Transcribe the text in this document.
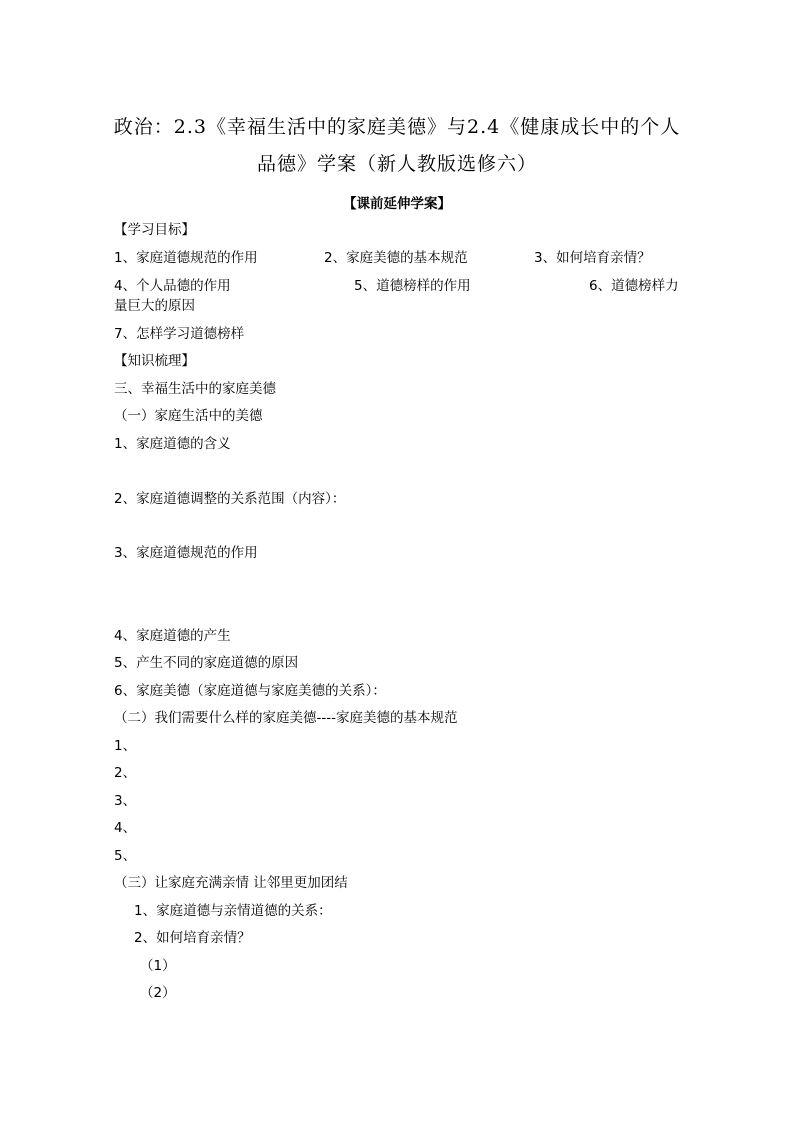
政治：2.3《幸福生活中的家庭美德》与2.4《健康成长中的个人
品德》学案（新人教版选修六）
【课前延伸学案】
【学习目标】
1、家庭道德规范的作用	2、家庭美德的基本规范	3、如何培育亲情？
4、个人品德的作用	5、道德榜样的作用	6、道德榜样力
量巨大的原因
7、怎样学习道德榜样
【知识梳理】
三、幸福生活中的家庭美德
（一）家庭生活中的美德
1、家庭道德的含义
2、家庭道德调整的关系范围（内容）：
3、家庭道德规范的作用
4、家庭道德的产生
5、产生不同的家庭道德的原因
6、家庭美德（家庭道德与家庭美德的关系）：
（二）我们需要什么样的家庭美德----家庭美德的基本规范
1、
2、
3、
4、
5、
（三）让家庭充满亲情 让邻里更加团结
1、家庭道德与亲情道德的关系：
2、如何培育亲情？
（1）
（2）
